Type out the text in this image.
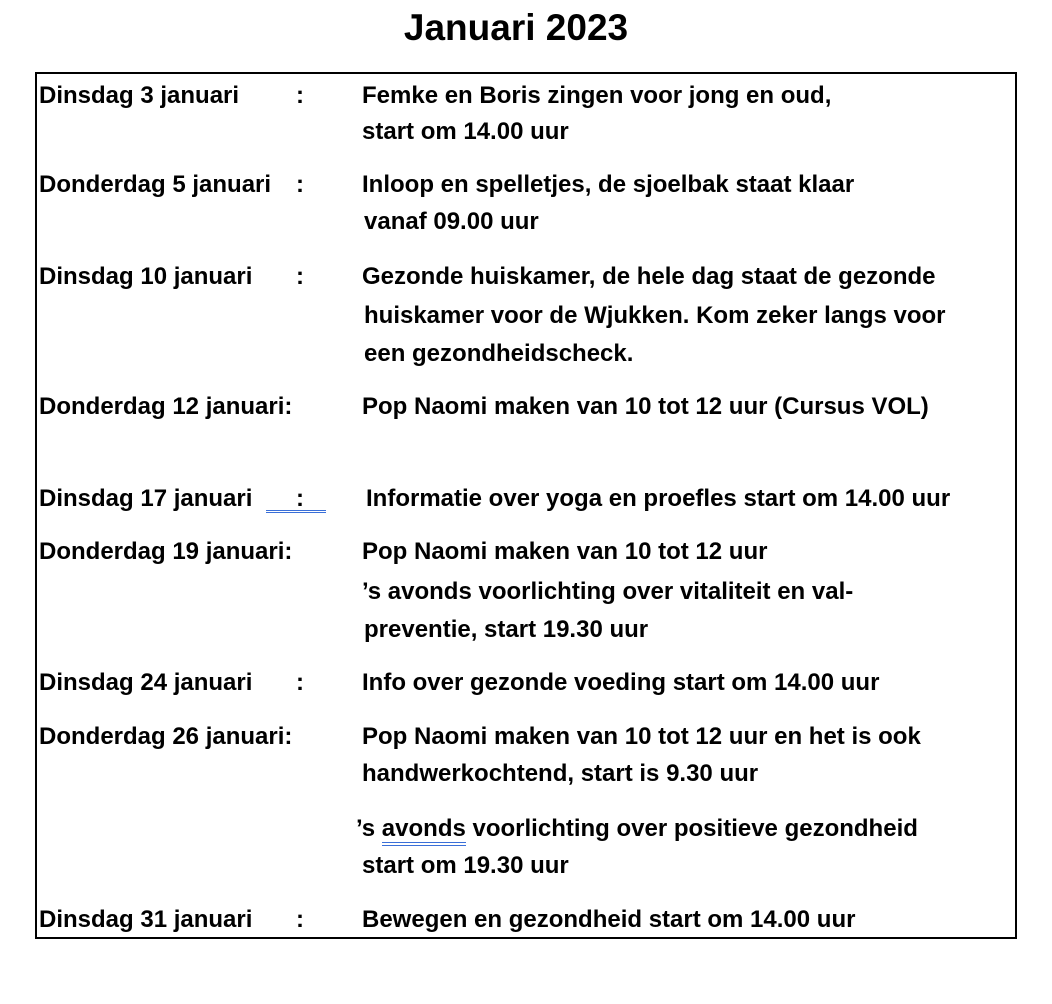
Januari 2023
Dinsdag 3 januari : Femke en Boris zingen voor jong en oud,
start om 14.00 uur
Donderdag 5 januari : Inloop en spelletjes, de sjoelbak staat klaar
vanaf 09.00 uur
Dinsdag 10 januari : Gezonde huiskamer, de hele dag staat de gezonde
huiskamer voor de Wjukken. Kom zeker langs voor
een gezondheidscheck.
Donderdag 12 januari:	Pop Naomi maken van 10 tot 12 uur (Cursus VOL)
Dinsdag 17 januari :	Informatie over yoga en proefles start om 14.00 uur
Donderdag 19 januari:	Pop Naomi maken van 10 tot 12 uur
’s avonds voorlichting over vitaliteit en val-
preventie, start 19.30 uur
Dinsdag 24 januari : Info over gezonde voeding start om 14.00 uur
Donderdag 26 januari:	Pop Naomi maken van 10 tot 12 uur en het is ook
handwerkochtend, start is 9.30 uur
’s avonds voorlichting over positieve gezondheid
start om 19.30 uur
Dinsdag 31 januari : Bewegen en gezondheid start om 14.00 uur
